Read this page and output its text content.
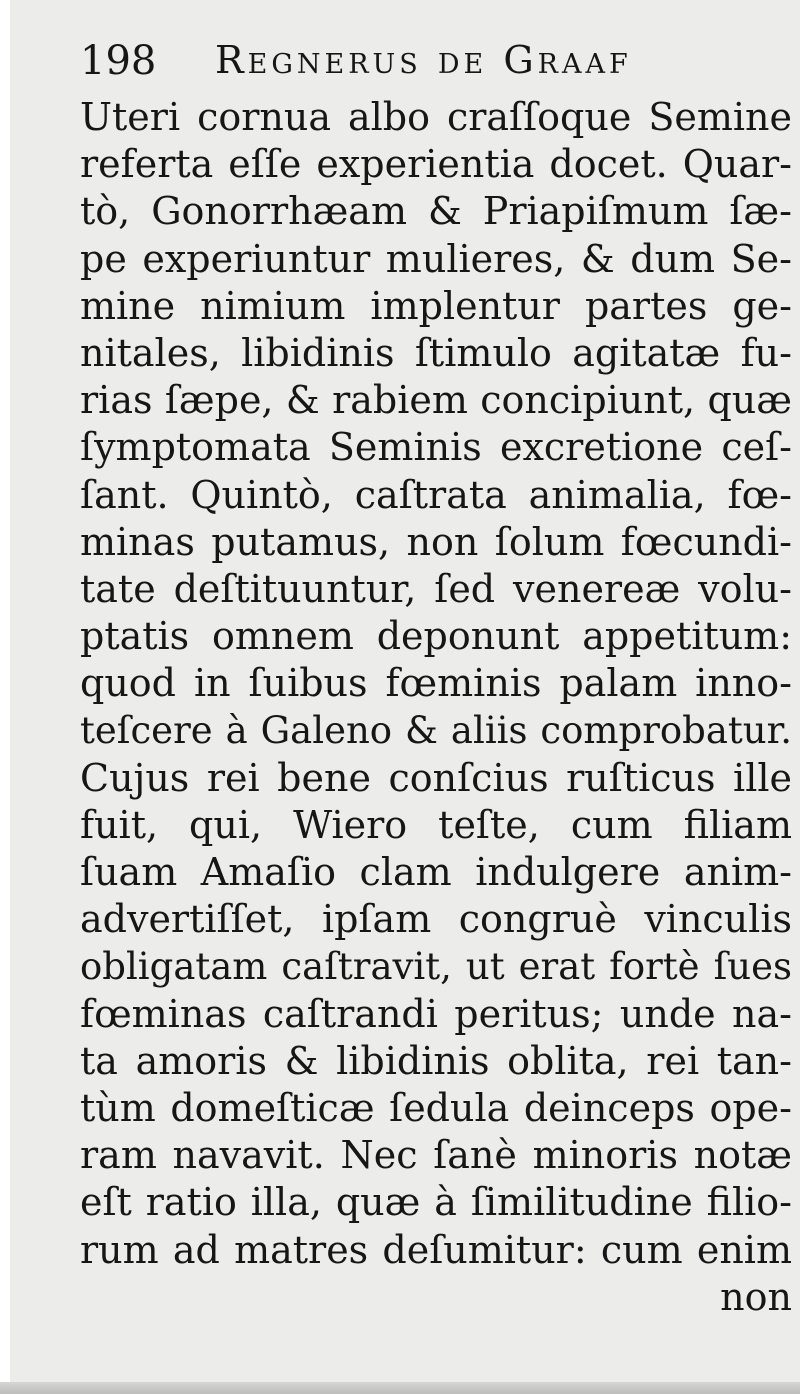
198 Regnerus de Graaf
Uteri cornua albo craſſoque Semine
referta eſſe experientia docet. Quar-
tò, Gonorrhæam & Priapiſmum ſæ-
pe experiuntur mulieres, & dum Se-
mine nimium implentur partes ge-
nitales, libidinis ſtimulo agitatæ fu-
rias ſæpe, & rabiem concipiunt, quæ
ſymptomata Seminis excretione ceſ-
ſant. Quintò, caſtrata animalia, fœ-
minas putamus, non ſolum fœcundi-
tate deſtituuntur, ſed venereæ volu-
ptatis omnem deponunt appetitum:
quod in ſuibus fœminis palam inno-
teſcere à Galeno & aliis comprobatur.
Cujus rei bene conſcius ruſticus ille
fuit, qui, Wiero teſte, cum filiam
ſuam Amaſio clam indulgere anim-
advertiſſet, ipſam congruè vinculis
obligatam caſtravit, ut erat fortè ſues
fœminas caſtrandi peritus; unde na-
ta amoris & libidinis oblita, rei tan-
tùm domeſticæ ſedula deinceps ope-
ram navavit. Nec ſanè minoris notæ
eſt ratio illa, quæ à ſimilitudine filio-
rum ad matres deſumitur: cum enim
non
